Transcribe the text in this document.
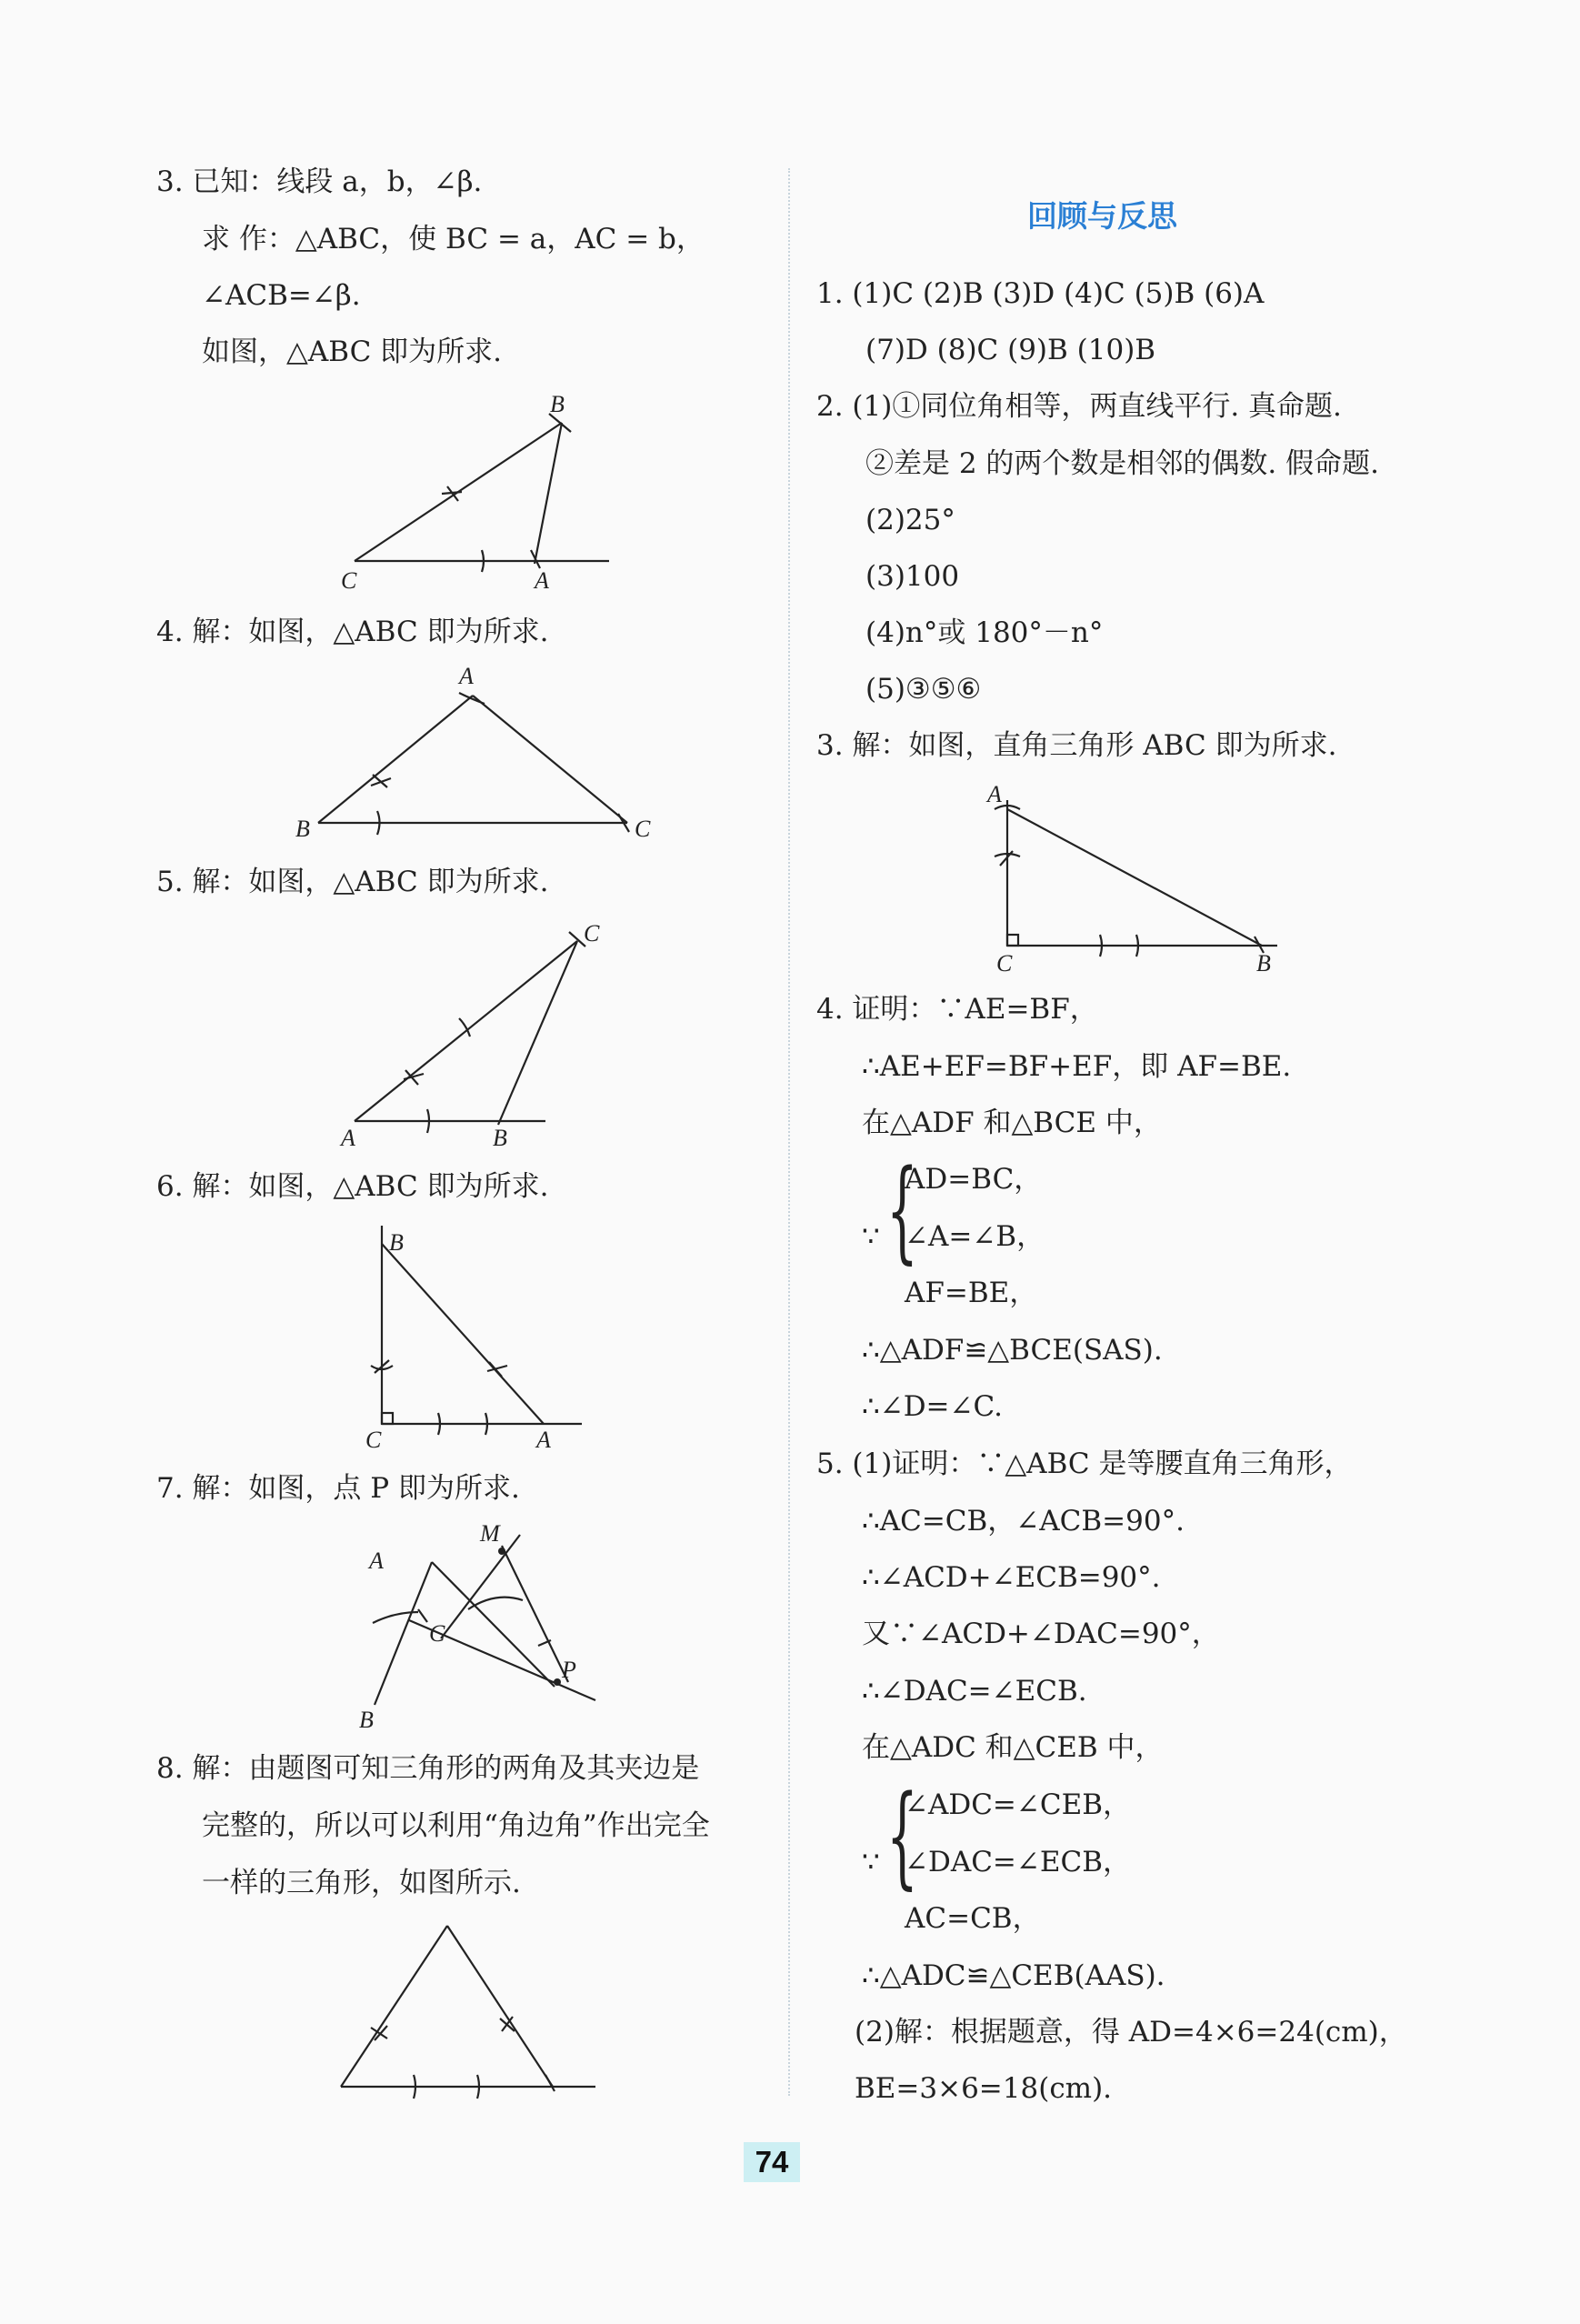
3. 已知：线段 a，b，∠β.
求 作：△ABC，使 BC = a，AC = b，
∠ACB=∠β.
如图，△ABC 即为所求.
B
C	A
4. 解：如图，△ABC 即为所求.
A
B	C
5. 解：如图，△ABC 即为所求.
C
A	B
6. 解：如图，△ABC 即为所求.
B
C	A
7. 解：如图，点 P 即为所求.
M
A
C
P
B
8. 解：由题图可知三角形的两角及其夹边是
完整的，所以可以利用“角边角”作出完全
一样的三角形，如图所示.
回顾与反思
1. (1)C (2)B (3)D (4)C (5)B (6)A
(7)D (8)C (9)B (10)B
2. (1)①同位角相等，两直线平行. 真命题.
②差是 2 的两个数是相邻的偶数. 假命题.
(2)25°
(3)100
(4)n°或 180°－n°
(5)③⑤⑥
3. 解：如图，直角三角形 ABC 即为所求.
A
C	B
4. 证明：∵AE=BF，
∴AE+EF=BF+EF，即 AF=BE.
在△ADF 和△BCE 中，
∵ {
AD=BC，
∠A=∠B，
AF=BE，
∴△ADF≌△BCE(SAS).
∴∠D=∠C.
5. (1)证明：∵△ABC 是等腰直角三角形，
∴AC=CB，∠ACB=90°.
∴∠ACD+∠ECB=90°.
又∵∠ACD+∠DAC=90°，
∴∠DAC=∠ECB.
在△ADC 和△CEB 中，
∵ {
∠ADC=∠CEB，
∠DAC=∠ECB，
AC=CB，
∴△ADC≌△CEB(AAS).
(2)解：根据题意，得 AD=4×6=24(cm)，
BE=3×6=18(cm).
74
